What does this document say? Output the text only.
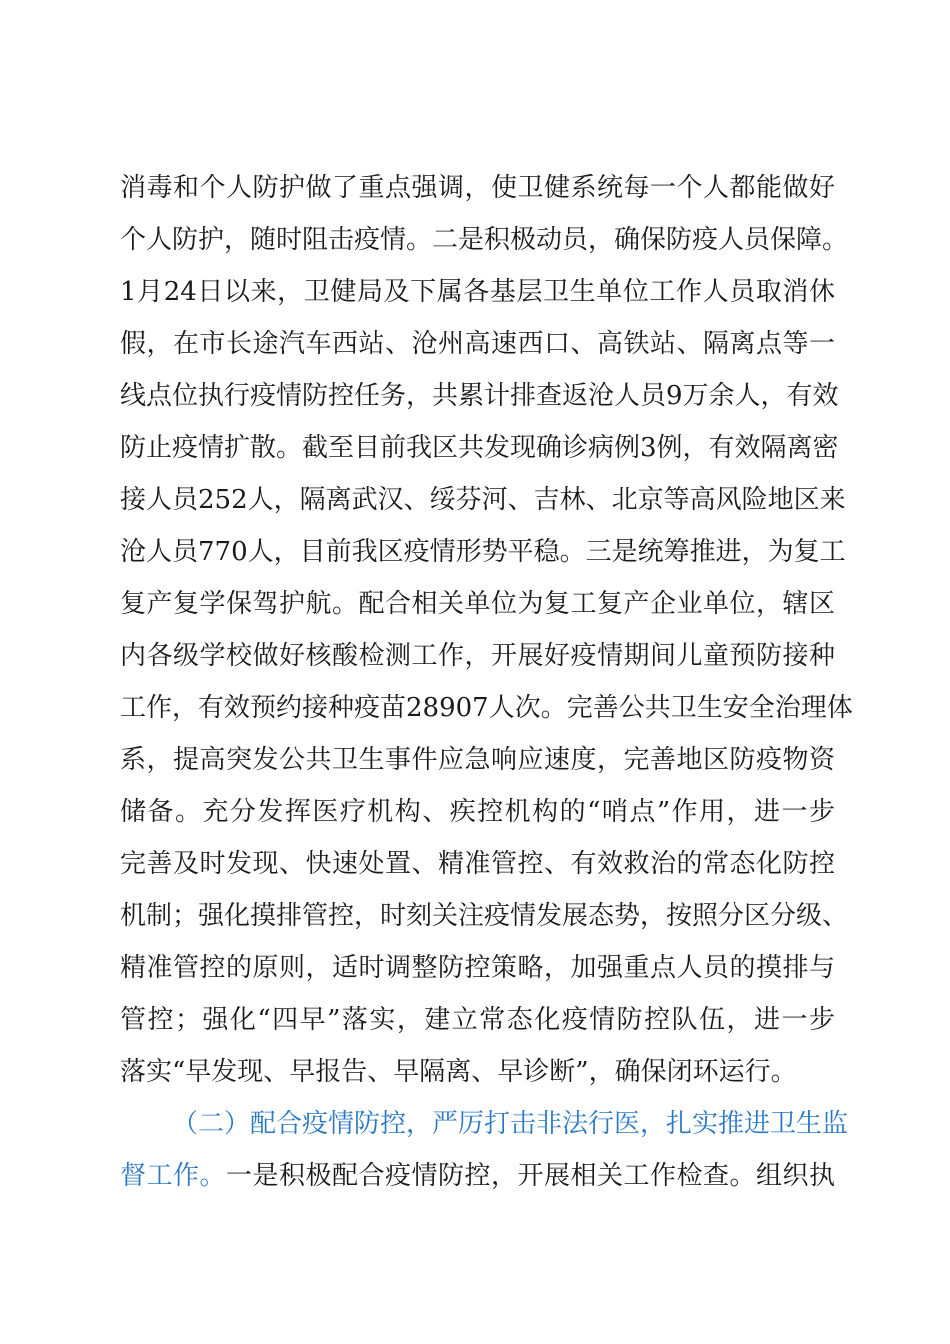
消毒和个人防护做了重点强调，使卫健系统每一个人都能做好
个人防护，随时阻击疫情。二是积极动员，确保防疫人员保障。
1月24日以来，卫健局及下属各基层卫生单位工作人员取消休
假，在市长途汽车西站、沧州高速西口、高铁站、隔离点等一
线点位执行疫情防控任务，共累计排查返沧人员9万余人，有效
防止疫情扩散。截至目前我区共发现确诊病例3例，有效隔离密
接人员252人，隔离武汉、绥芬河、吉林、北京等高风险地区来
沧人员770人，目前我区疫情形势平稳。三是统筹推进，为复工
复产复学保驾护航。配合相关单位为复工复产企业单位，辖区
内各级学校做好核酸检测工作，开展好疫情期间儿童预防接种
工作，有效预约接种疫苗28907人次。完善公共卫生安全治理体
系，提高突发公共卫生事件应急响应速度，完善地区防疫物资
储备。充分发挥医疗机构、疾控机构的“哨点”作用，进一步
完善及时发现、快速处置、精准管控、有效救治的常态化防控
机制；强化摸排管控，时刻关注疫情发展态势，按照分区分级、
精准管控的原则，适时调整防控策略，加强重点人员的摸排与
管控；强化“四早”落实，建立常态化疫情防控队伍，进一步
落实“早发现、早报告、早隔离、早诊断”，确保闭环运行。
（二）配合疫情防控，严厉打击非法行医，扎实推进卫生监
督工作。一是积极配合疫情防控，开展相关工作检查。组织执
